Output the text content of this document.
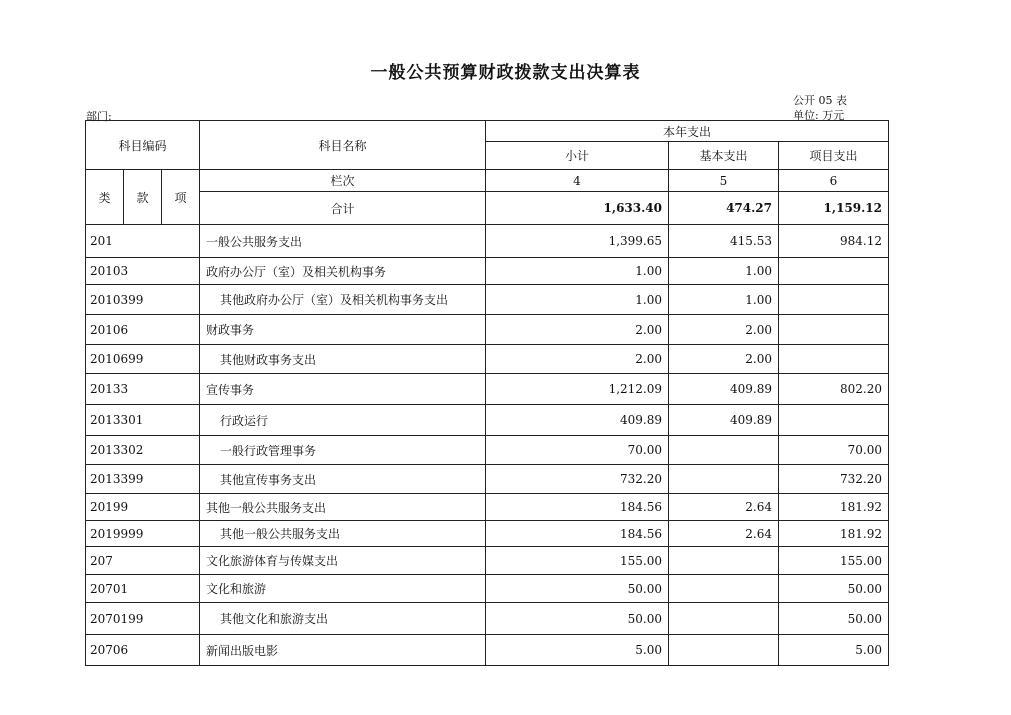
一般公共预算财政拨款支出决算表
公开 05 表
部门:	单位: 万元
科目编码			科目名称	本年支出		
				小计	基本支出	项目支出
类	款	项	栏次	4	5	6
			合计	1,633.40	474.27	1,159.12
201			一般公共服务支出	1,399.65	415.53	984.12
20103			政府办公厅（室）及相关机构事务	1.00	1.00	
2010399			其他政府办公厅（室）及相关机构事务支出	1.00	1.00	
20106			财政事务	2.00	2.00	
2010699			其他财政事务支出	2.00	2.00	
20133			宣传事务	1,212.09	409.89	802.20
2013301			行政运行	409.89	409.89	
2013302			一般行政管理事务	70.00		70.00
2013399			其他宣传事务支出	732.20		732.20
20199			其他一般公共服务支出	184.56	2.64	181.92
2019999			其他一般公共服务支出	184.56	2.64	181.92
207			文化旅游体育与传媒支出	155.00		155.00
20701			文化和旅游	50.00		50.00
2070199			其他文化和旅游支出	50.00		50.00
20706			新闻出版电影	5.00		5.00
